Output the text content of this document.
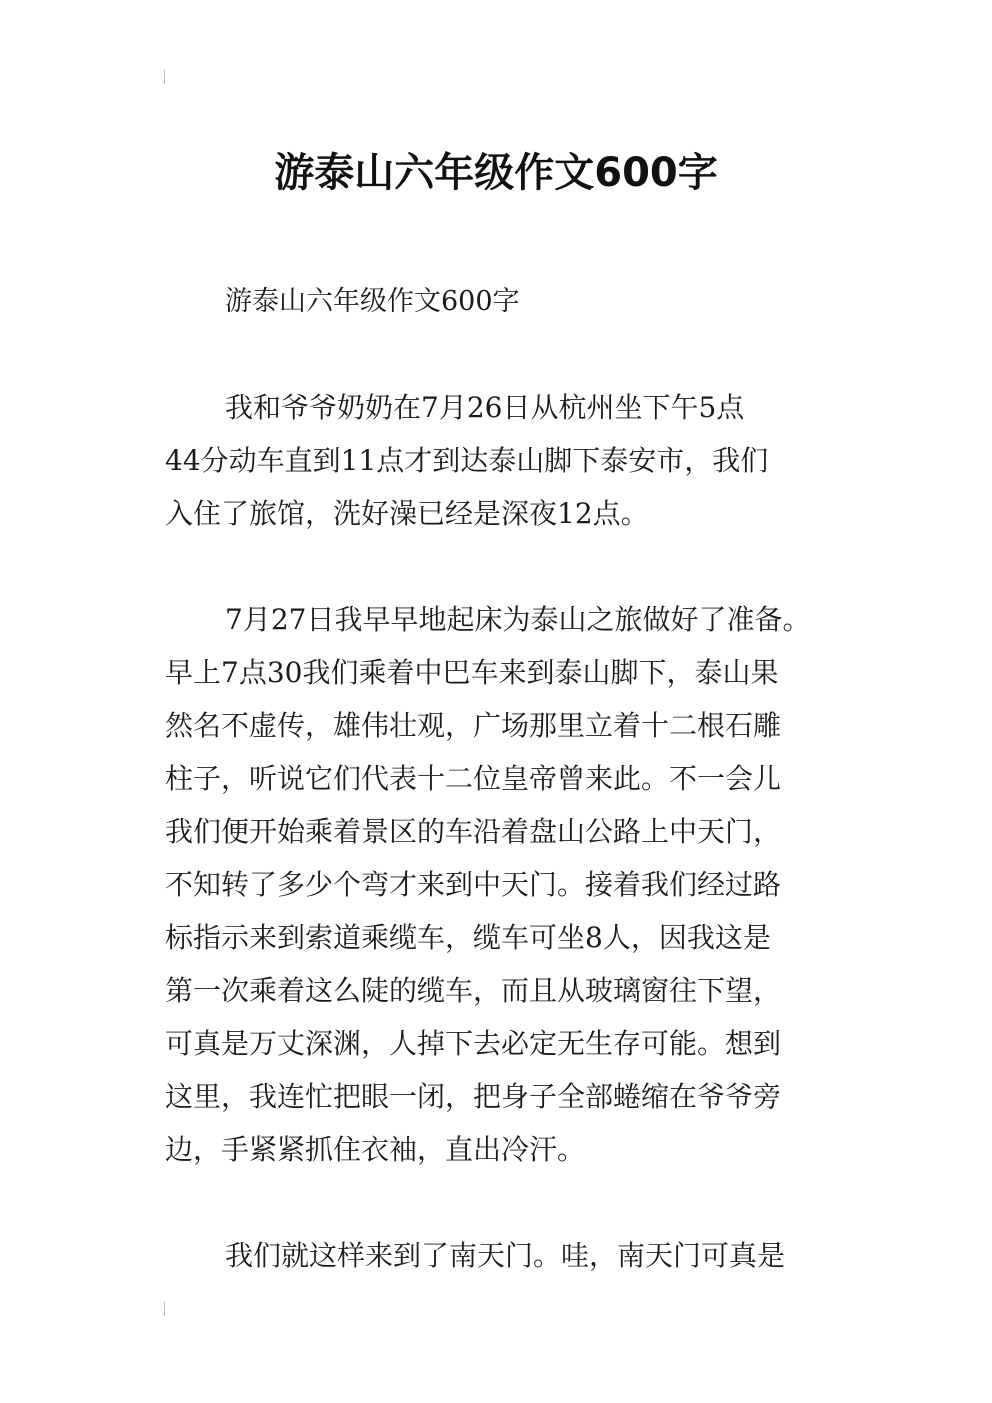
游泰山六年级作文600字

游泰山六年级作文600字

我和爷爷奶奶在7月26日从杭州坐下午5点
44分动车直到11点才到达泰山脚下泰安市，我们
入住了旅馆，洗好澡已经是深夜12点。

7月27日我早早地起床为泰山之旅做好了准备。
早上7点30我们乘着中巴车来到泰山脚下，泰山果
然名不虚传，雄伟壮观，广场那里立着十二根石雕
柱子，听说它们代表十二位皇帝曾来此。不一会儿
我们便开始乘着景区的车沿着盘山公路上中天门，
不知转了多少个弯才来到中天门。接着我们经过路
标指示来到索道乘缆车，缆车可坐8人，因我这是
第一次乘着这么陡的缆车，而且从玻璃窗往下望，
可真是万丈深渊，人掉下去必定无生存可能。想到
这里，我连忙把眼一闭，把身子全部蜷缩在爷爷旁
边，手紧紧抓住衣袖，直出冷汗。

我们就这样来到了南天门。哇，南天门可真是
